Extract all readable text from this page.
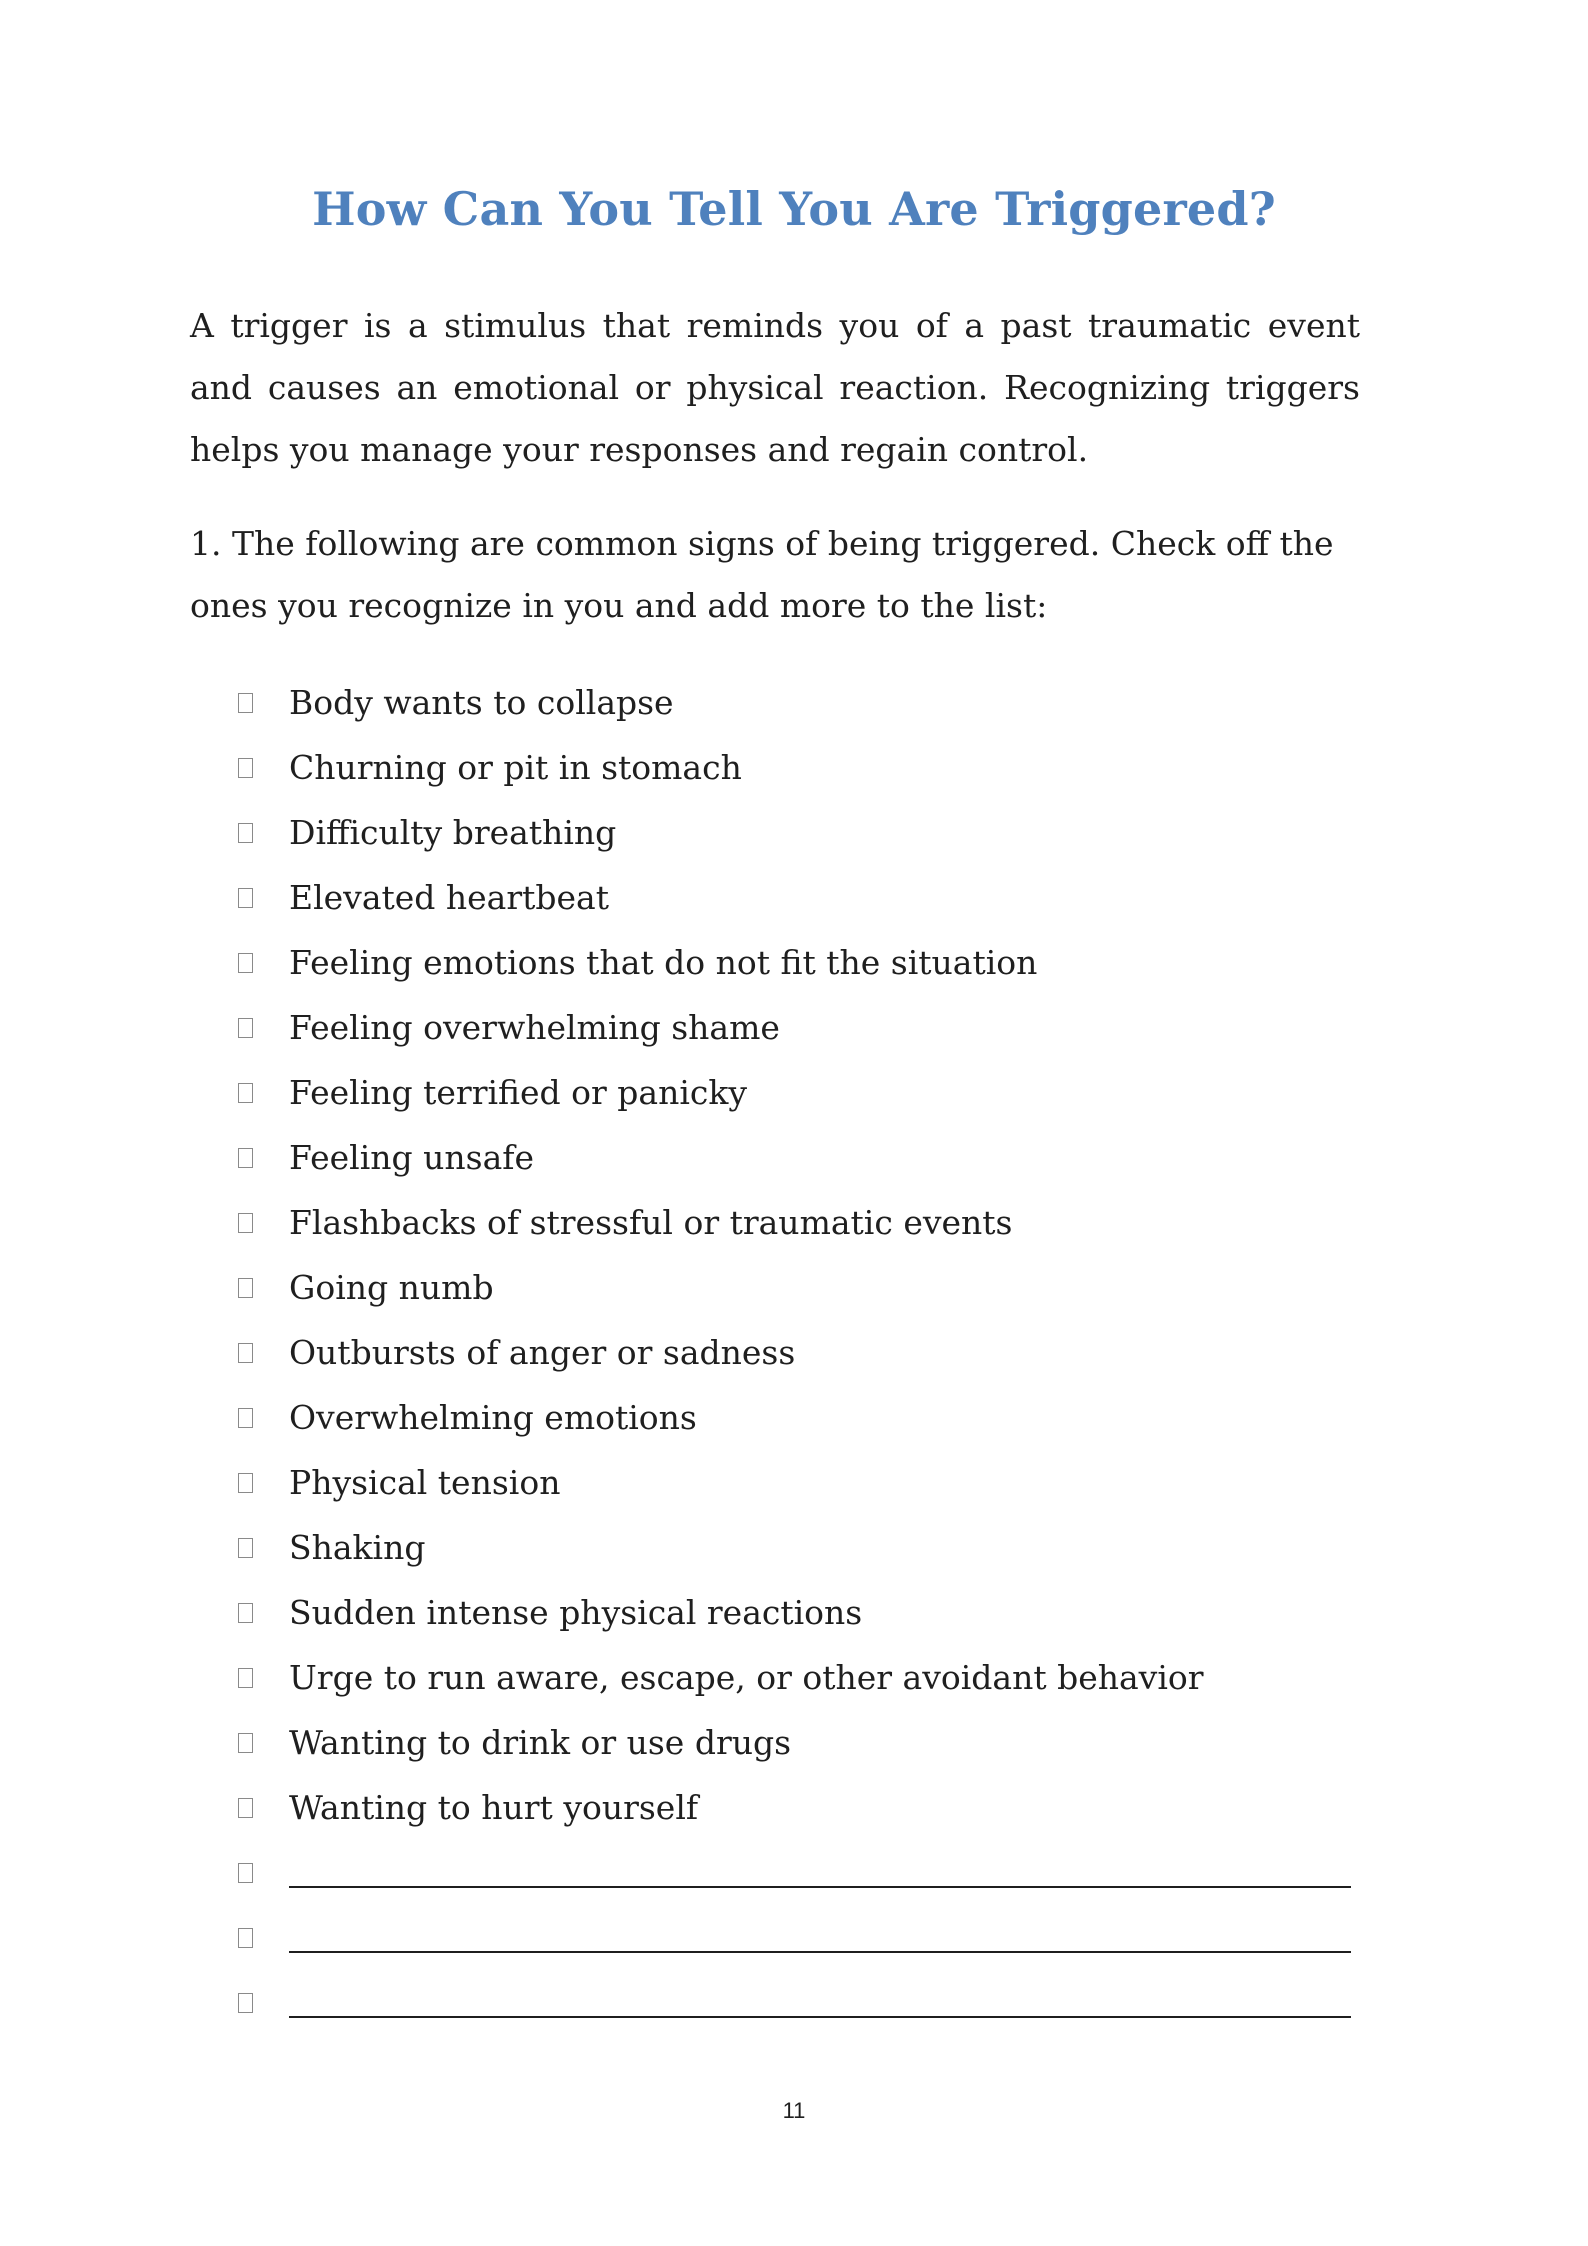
How Can You Tell You Are Triggered?

A trigger is a stimulus that reminds you of a past traumatic event and causes an emotional or physical reaction. Recognizing triggers helps you manage your responses and regain control.

1. The following are common signs of being triggered. Check off the ones you recognize in you and add more to the list:

Body wants to collapse
Churning or pit in stomach
Difficulty breathing
Elevated heartbeat
Feeling emotions that do not fit the situation
Feeling overwhelming shame
Feeling terrified or panicky
Feeling unsafe
Flashbacks of stressful or traumatic events
Going numb
Outbursts of anger or sadness
Overwhelming emotions
Physical tension
Shaking
Sudden intense physical reactions
Urge to run aware, escape, or other avoidant behavior
Wanting to drink or use drugs
Wanting to hurt yourself
11
